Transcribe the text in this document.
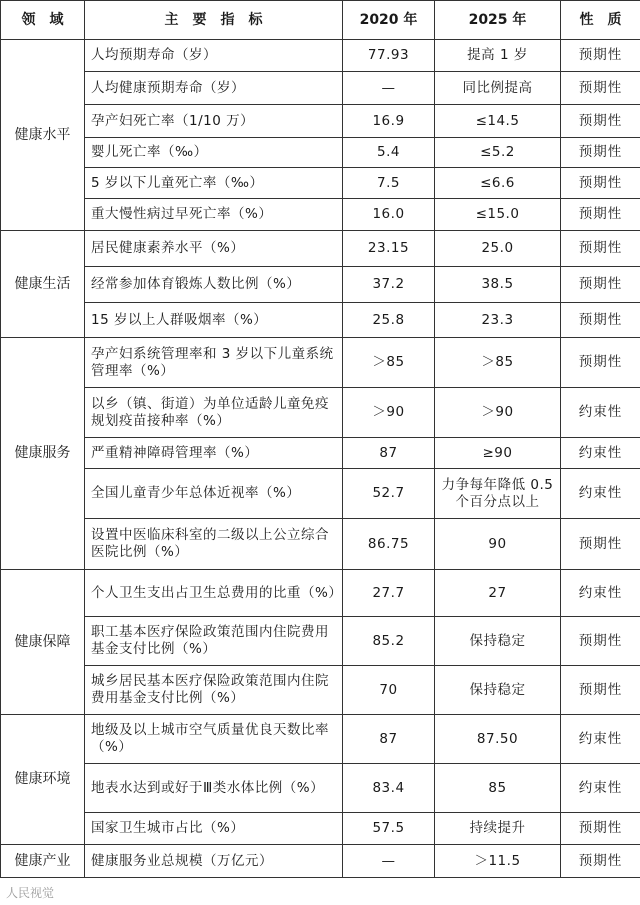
领　域	主　要　指　标	2020 年	2025 年	性　质
健康水平	人均预期寿命（岁）	77.93	提高 1 岁	预期性
	人均健康预期寿命（岁）	—	同比例提高	预期性
	孕产妇死亡率（1/10 万）	16.9	≤14.5	预期性
	婴儿死亡率（‰）	5.4	≤5.2	预期性
	5 岁以下儿童死亡率（‰）	7.5	≤6.6	预期性
	重大慢性病过早死亡率（%）	16.0	≤15.0	预期性
健康生活	居民健康素养水平（%）	23.15	25.0	预期性
	经常参加体育锻炼人数比例（%）	37.2	38.5	预期性
	15 岁以上人群吸烟率（%）	25.8	23.3	预期性
健康服务	孕产妇系统管理率和 3 岁以下儿童系统管理率（%）	＞85	＞85	预期性
	以乡（镇、街道）为单位适龄儿童免疫规划疫苗接种率（%）	＞90	＞90	约束性
	严重精神障碍管理率（%）	87	≥90	约束性
	全国儿童青少年总体近视率（%）	52.7	力争每年降低 0.5 个百分点以上	约束性
	设置中医临床科室的二级以上公立综合医院比例（%）	86.75	90	预期性
健康保障	个人卫生支出占卫生总费用的比重（%）	27.7	27	约束性
	职工基本医疗保险政策范围内住院费用基金支付比例（%）	85.2	保持稳定	预期性
	城乡居民基本医疗保险政策范围内住院费用基金支付比例（%）	70	保持稳定	预期性
健康环境	地级及以上城市空气质量优良天数比率（%）	87	87.50	约束性
	地表水达到或好于Ⅲ类水体比例（%）	83.4	85	约束性
	国家卫生城市占比（%）	57.5	持续提升	预期性
健康产业	健康服务业总规模（万亿元）	—	＞11.5	预期性
人民视觉
